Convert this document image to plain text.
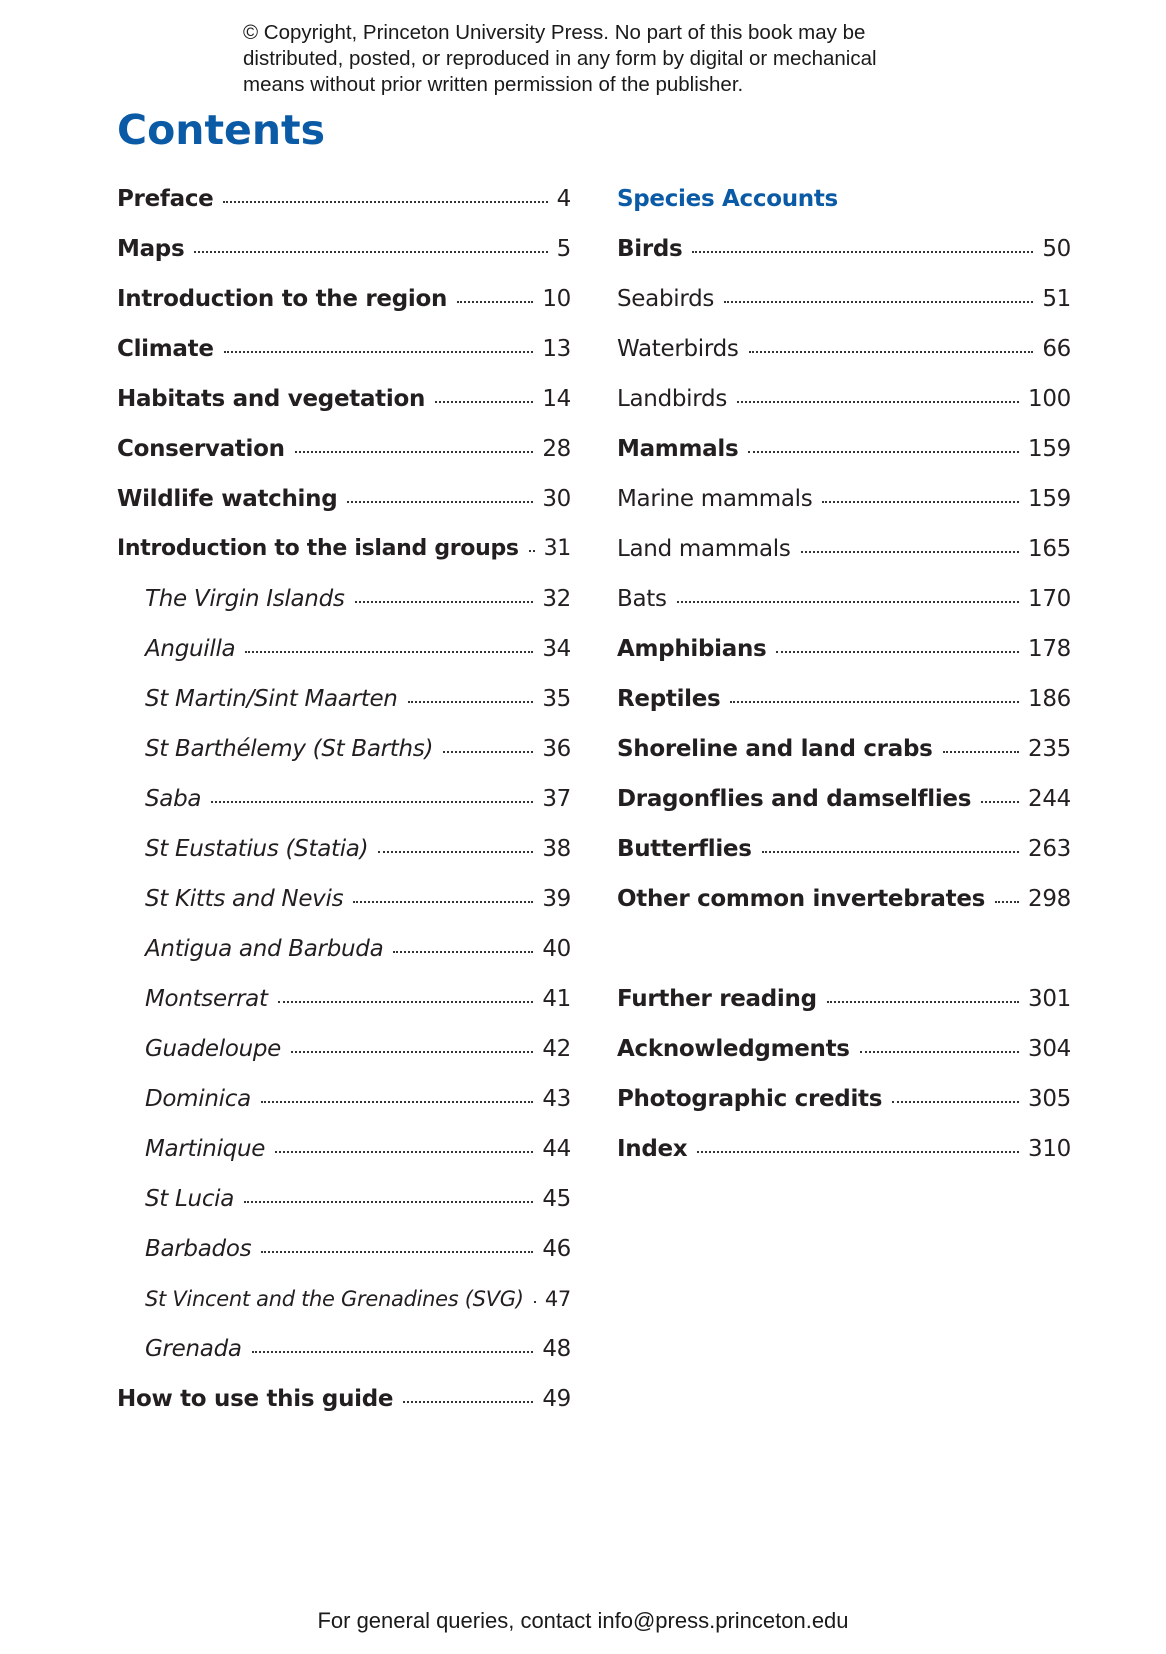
© Copyright, Princeton University Press. No part of this book may be
distributed, posted, or reproduced in any form by digital or mechanical
means without prior written permission of the publisher.
Contents
Preface	4
Maps	5
Introduction to the region	10
Climate	13
Habitats and vegetation	14
Conservation	28
Wildlife watching	30
Introduction to the island groups 31
The Virgin Islands	32
Anguilla	34
St Martin/Sint Maarten	35
St Barthélemy (St Barths)	36
Saba	37
St Eustatius (Statia)	38
St Kitts and Nevis	39
Antigua and Barbuda	40
Montserrat	41
Guadeloupe	42
Dominica	43
Martinique	44
St Lucia	45
Barbados	46
St Vincent and the Grenadines (SVG) 47
Grenada	48
How to use this guide	49
Species Accounts
Birds	50
Seabirds	51
Waterbirds	66
Landbirds	100
Mammals	159
Marine mammals	159
Land mammals	165
Bats	170
Amphibians	178
Reptiles	186
Shoreline and land crabs	235
Dragonflies and damselflies 244
Butterflies	263
Other common invertebrates 298
Further reading	301
Acknowledgments	304
Photographic credits	305
Index	310
For general queries, contact info@press.princeton.edu
